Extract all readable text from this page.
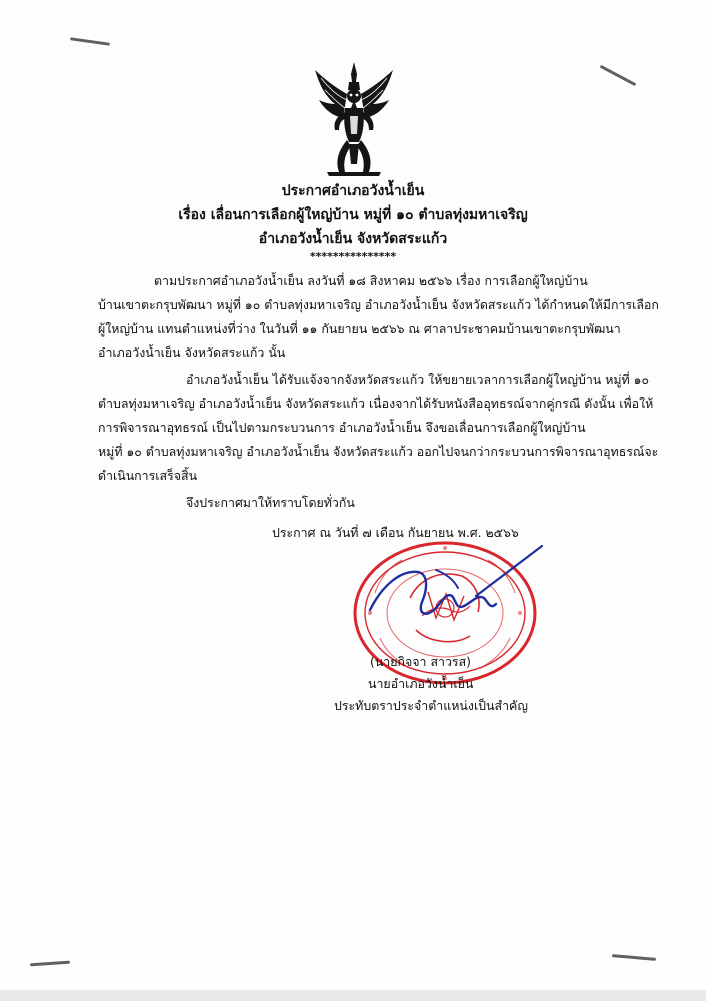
ประกาศอำเภอวังน้ำเย็น
เรื่อง เลื่อนการเลือกผู้ใหญ่บ้าน หมู่ที่ ๑๐ ตำบลทุ่งมหาเจริญ
อำเภอวังน้ำเย็น จังหวัดสระแก้ว
***************
ตามประกาศอำเภอวังน้ำเย็น ลงวันที่ ๑๘ สิงหาคม ๒๕๖๖ เรื่อง การเลือกผู้ใหญ่บ้าน
บ้านเขาตะกรุบพัฒนา หมู่ที่ ๑๐ ตำบลทุ่งมหาเจริญ อำเภอวังน้ำเย็น จังหวัดสระแก้ว ได้กำหนดให้มีการเลือก
ผู้ใหญ่บ้าน แทนตำแหน่งที่ว่าง ในวันที่ ๑๑ กันยายน ๒๕๖๖ ณ ศาลาประชาคมบ้านเขาตะกรุบพัฒนา
อำเภอวังน้ำเย็น จังหวัดสระแก้ว นั้น
อำเภอวังน้ำเย็น ได้รับแจ้งจากจังหวัดสระแก้ว ให้ขยายเวลาการเลือกผู้ใหญ่บ้าน หมู่ที่ ๑๐
ตำบลทุ่งมหาเจริญ อำเภอวังน้ำเย็น จังหวัดสระแก้ว เนื่องจากได้รับหนังสืออุทธรณ์จากคู่กรณี ดังนั้น เพื่อให้
การพิจารณาอุทธรณ์ เป็นไปตามกระบวนการ อำเภอวังน้ำเย็น จึงขอเลื่อนการเลือกผู้ใหญ่บ้าน
หมู่ที่ ๑๐ ตำบลทุ่งมหาเจริญ อำเภอวังน้ำเย็น จังหวัดสระแก้ว ออกไปจนกว่ากระบวนการพิจารณาอุทธรณ์จะ
ดำเนินการเสร็จสิ้น
จึงประกาศมาให้ทราบโดยทั่วกัน
ประกาศ ณ วันที่ ๗ เดือน กันยายน พ.ศ. ๒๕๖๖
(นายกิจจา สาวรส)
นายอำเภอวังน้ำเย็น
ประทับตราประจำตำแหน่งเป็นสำคัญ
